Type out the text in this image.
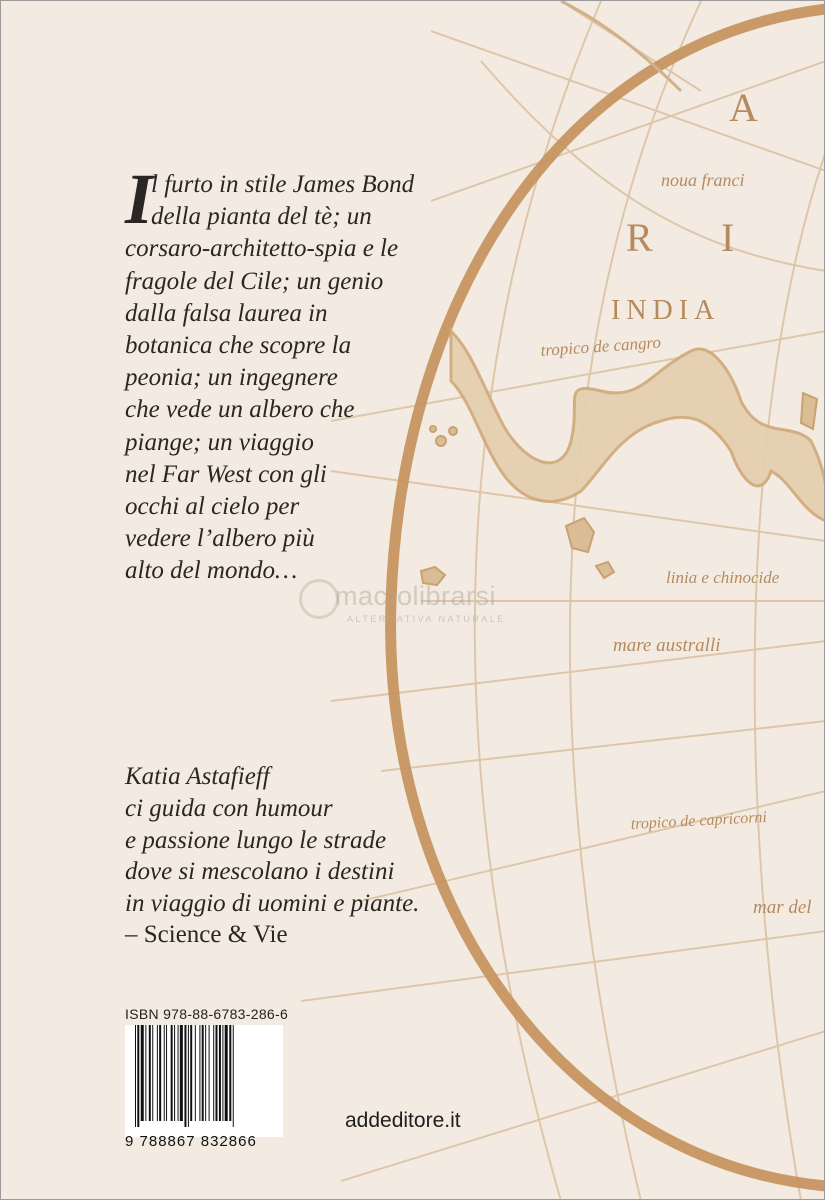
A
R I
INDIA
noua franci
tropico de cangro
linia e chinocide
mare australli
tropico de capricorni
mar del
I
l furto in stile James Bond
della pianta del tè; un
corsaro-architetto-spia e le
fragole del Cile; un genio
dalla falsa laurea in
botanica che scopre la
peonia; un ingegnere
che vede un albero che
piange; un viaggio
nel Far West con gli
occhi al cielo per
vedere l’albero più
alto del mondo…
macrolibrarsi
ALTERNATIVA NATURALE
Katia Astafieff
ci guida con humour
e passione lungo le strade
dove si mescolano i destini
in viaggio di uomini e piante.
– Science & Vie
ISBN 978-88-6783-286-6
9 788867 832866
addeditore.it
